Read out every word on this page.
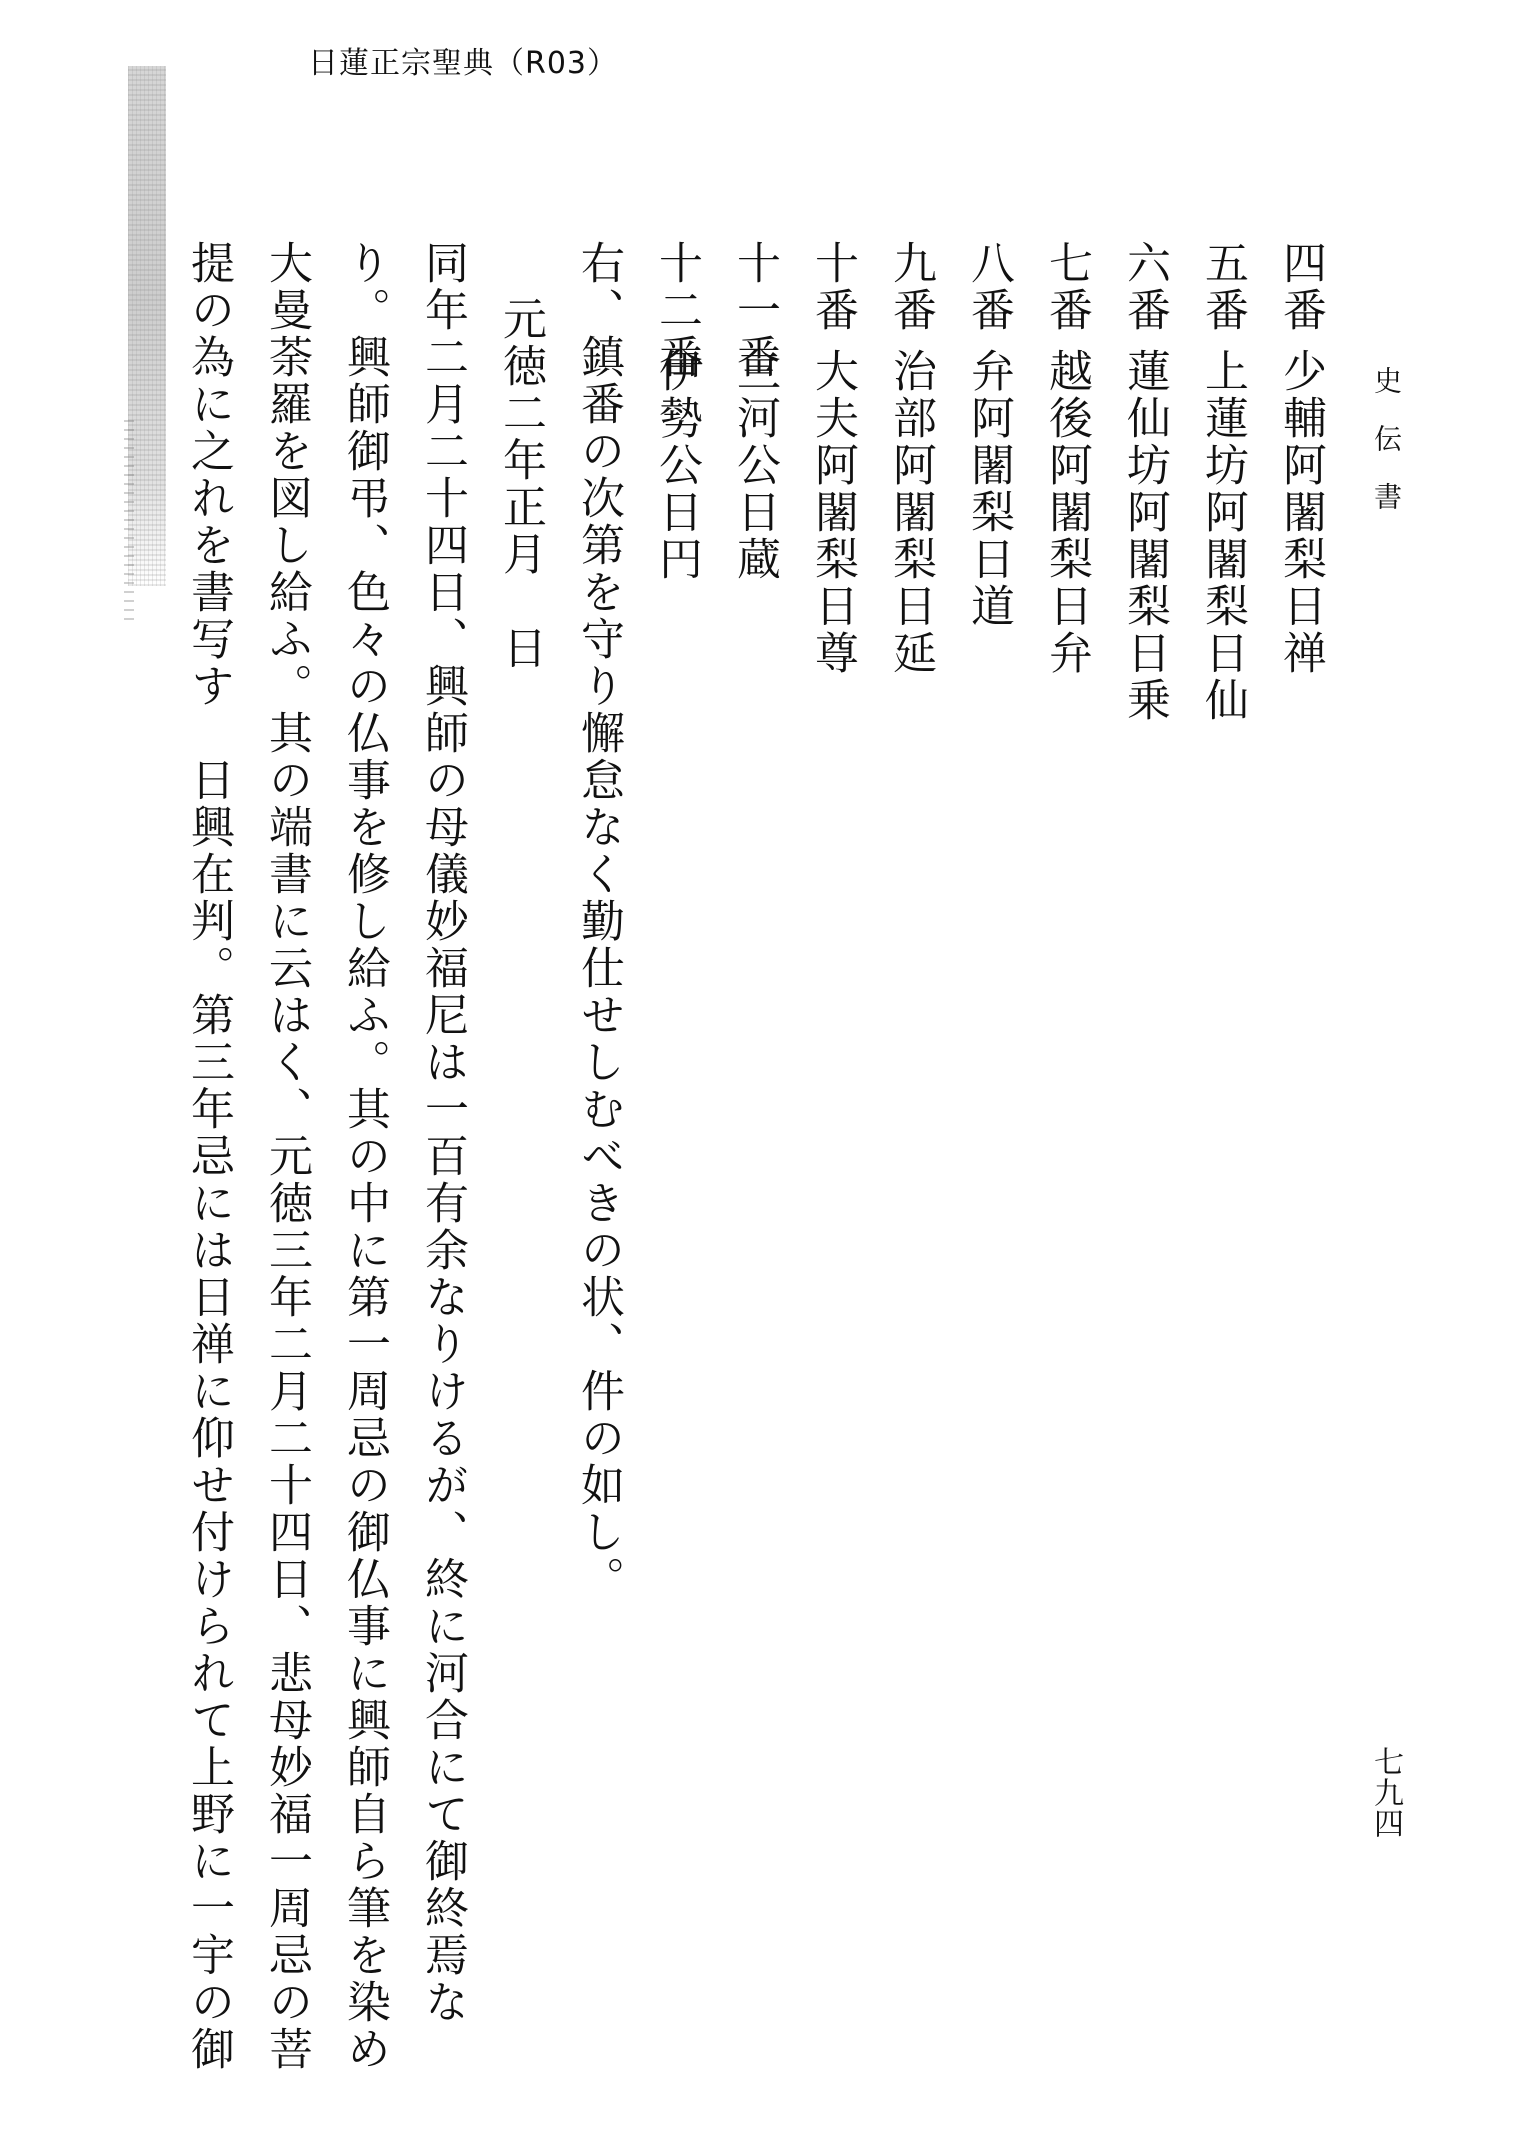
日蓮正宗聖典（R03）
史伝書
七九四
四番少輔阿闍梨日禅
五番上蓮坊阿闍梨日仙
六番蓮仙坊阿闍梨日乗
七番越後阿闍梨日弁
八番弁阿闍梨日道
九番治部阿闍梨日延
十番大夫阿闍梨日尊
十一番三河公日蔵
十二番伊勢公日円
右、鎮番の次第を守り懈怠なく勤仕せしむべきの状、件の如し。
元徳二年正月　日
同年二月二十四日、興師の母儀妙福尼は一百有余なりけるが、終に河合にて御終焉な
り。興師御弔、色々の仏事を修し給ふ。其の中に第一周忌の御仏事に興師自ら筆を染め
大曼荼羅を図し給ふ。其の端書に云はく、元徳三年二月二十四日、悲母妙福一周忌の菩
提の為に之れを書写す　日興在判。第三年忌には日禅に仰せ付けられて上野に一宇の御
